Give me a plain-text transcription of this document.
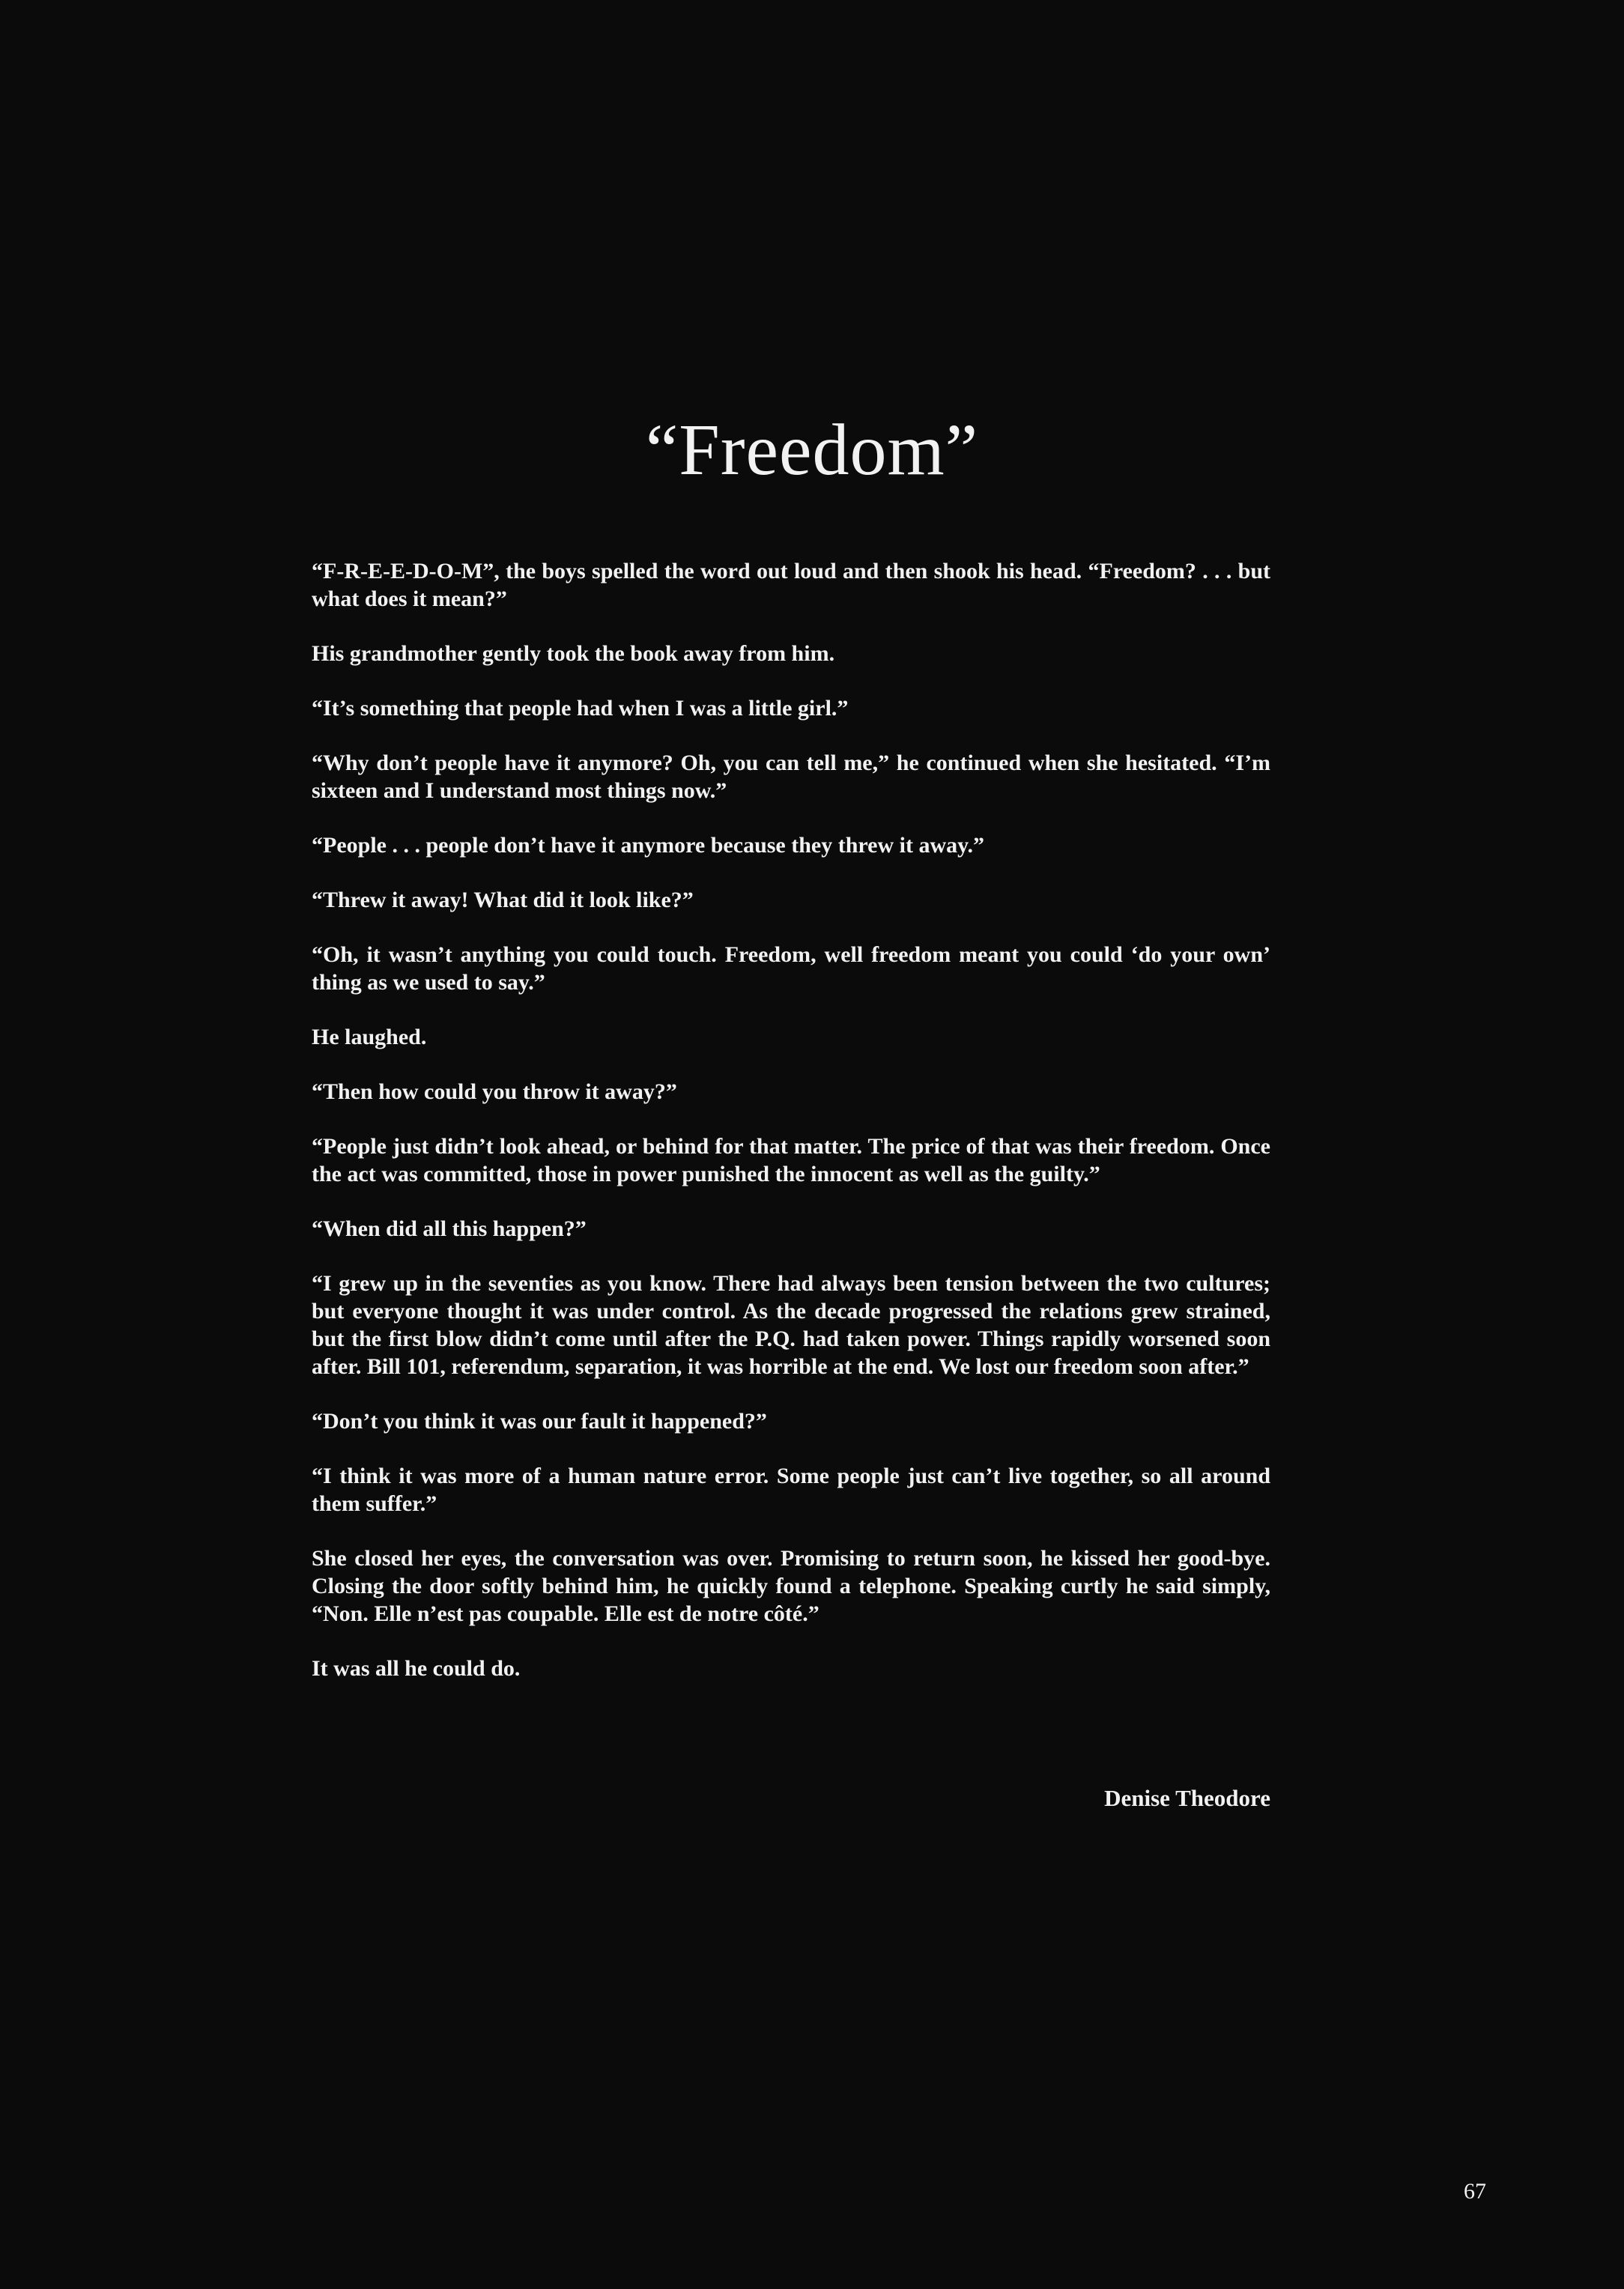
“Freedom”

“F-R-E-E-D-O-M”, the boys spelled the word out loud and then shook his head. “Freedom? . . . but what does it mean?”

His grandmother gently took the book away from him.

“It’s something that people had when I was a little girl.”

“Why don’t people have it anymore? Oh, you can tell me,” he continued when she hesitated. “I’m sixteen and I understand most things now.”

“People . . . people don’t have it anymore because they threw it away.”

“Threw it away! What did it look like?”

“Oh, it wasn’t anything you could touch. Freedom, well freedom meant you could ‘do your own’ thing as we used to say.”

He laughed.

“Then how could you throw it away?”

“People just didn’t look ahead, or behind for that matter. The price of that was their freedom. Once the act was committed, those in power punished the innocent as well as the guilty.”

“When did all this happen?”

“I grew up in the seventies as you know. There had always been tension between the two cultures; but everyone thought it was under control. As the decade progressed the relations grew strained, but the first blow didn’t come until after the P.Q. had taken power. Things rapidly worsened soon after. Bill 101, referendum, separation, it was horrible at the end. We lost our freedom soon after.”

“Don’t you think it was our fault it happened?”

“I think it was more of a human nature error. Some people just can’t live together, so all around them suffer.”

She closed her eyes, the conversation was over. Promising to return soon, he kissed her good-bye. Closing the door softly behind him, he quickly found a telephone. Speaking curtly he said simply, “Non. Elle n’est pas coupable. Elle est de notre côté.”

It was all he could do.

Denise Theodore
67
